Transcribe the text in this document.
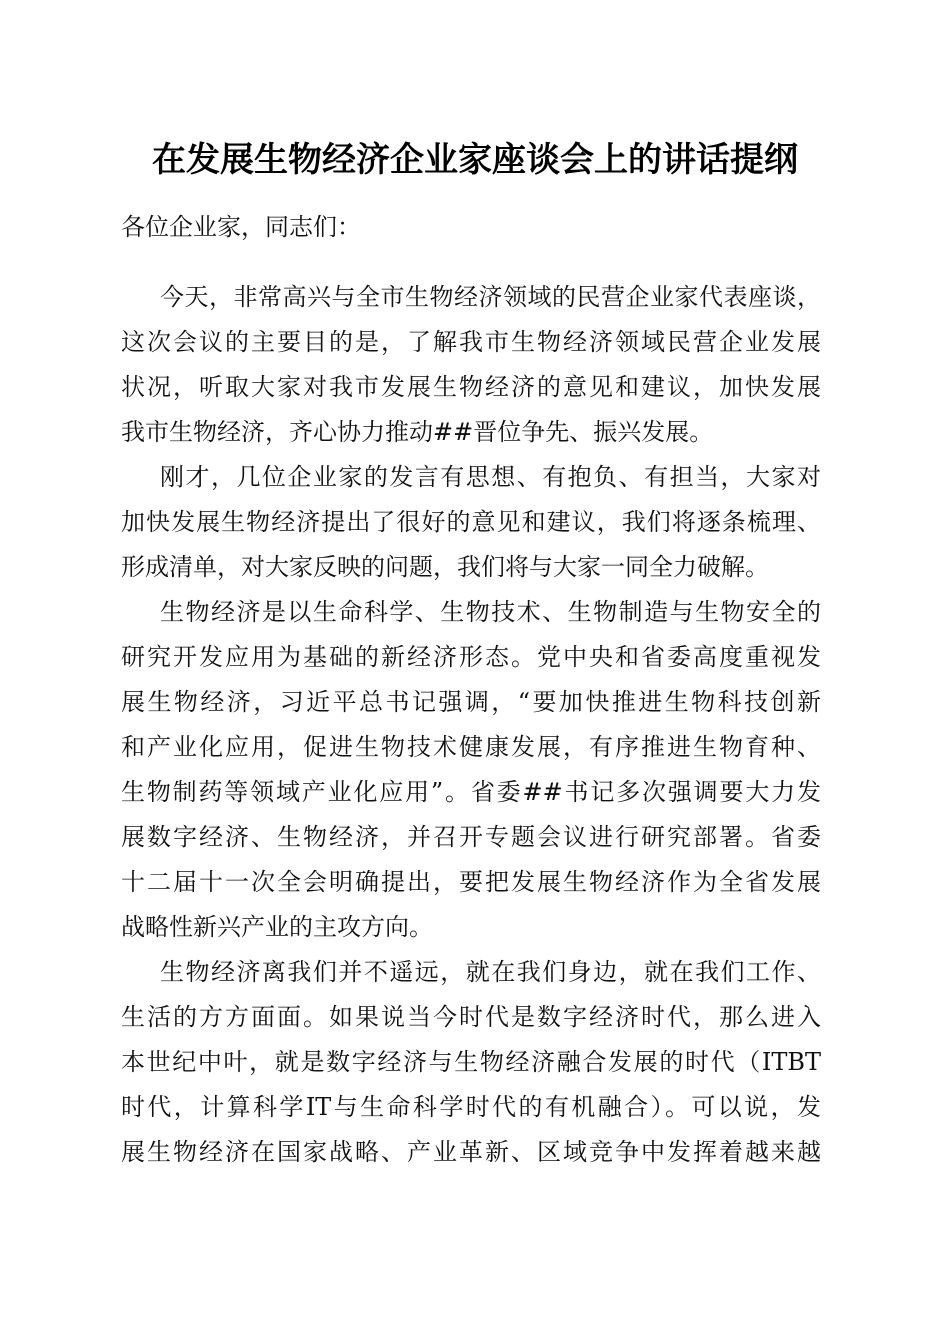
在发展生物经济企业家座谈会上的讲话提纲
各位企业家，同志们：
今天，非常高兴与全市生物经济领域的民营企业家代表座谈，
这次会议的主要目的是，了解我市生物经济领域民营企业发展
状况，听取大家对我市发展生物经济的意见和建议，加快发展
我市生物经济，齐心协力推动##晋位争先、振兴发展。
刚才，几位企业家的发言有思想、有抱负、有担当，大家对
加快发展生物经济提出了很好的意见和建议，我们将逐条梳理、
形成清单，对大家反映的问题，我们将与大家一同全力破解。
生物经济是以生命科学、生物技术、生物制造与生物安全的
研究开发应用为基础的新经济形态。党中央和省委高度重视发
展生物经济，习近平总书记强调，“要加快推进生物科技创新
和产业化应用，促进生物技术健康发展，有序推进生物育种、
生物制药等领域产业化应用”。省委##书记多次强调要大力发
展数字经济、生物经济，并召开专题会议进行研究部署。省委
十二届十一次全会明确提出，要把发展生物经济作为全省发展
战略性新兴产业的主攻方向。
生物经济离我们并不遥远，就在我们身边，就在我们工作、
生活的方方面面。如果说当今时代是数字经济时代，那么进入
本世纪中叶，就是数字经济与生物经济融合发展的时代（ITBT
时代，计算科学IT与生命科学时代的有机融合）。可以说，发
展生物经济在国家战略、产业革新、区域竞争中发挥着越来越
